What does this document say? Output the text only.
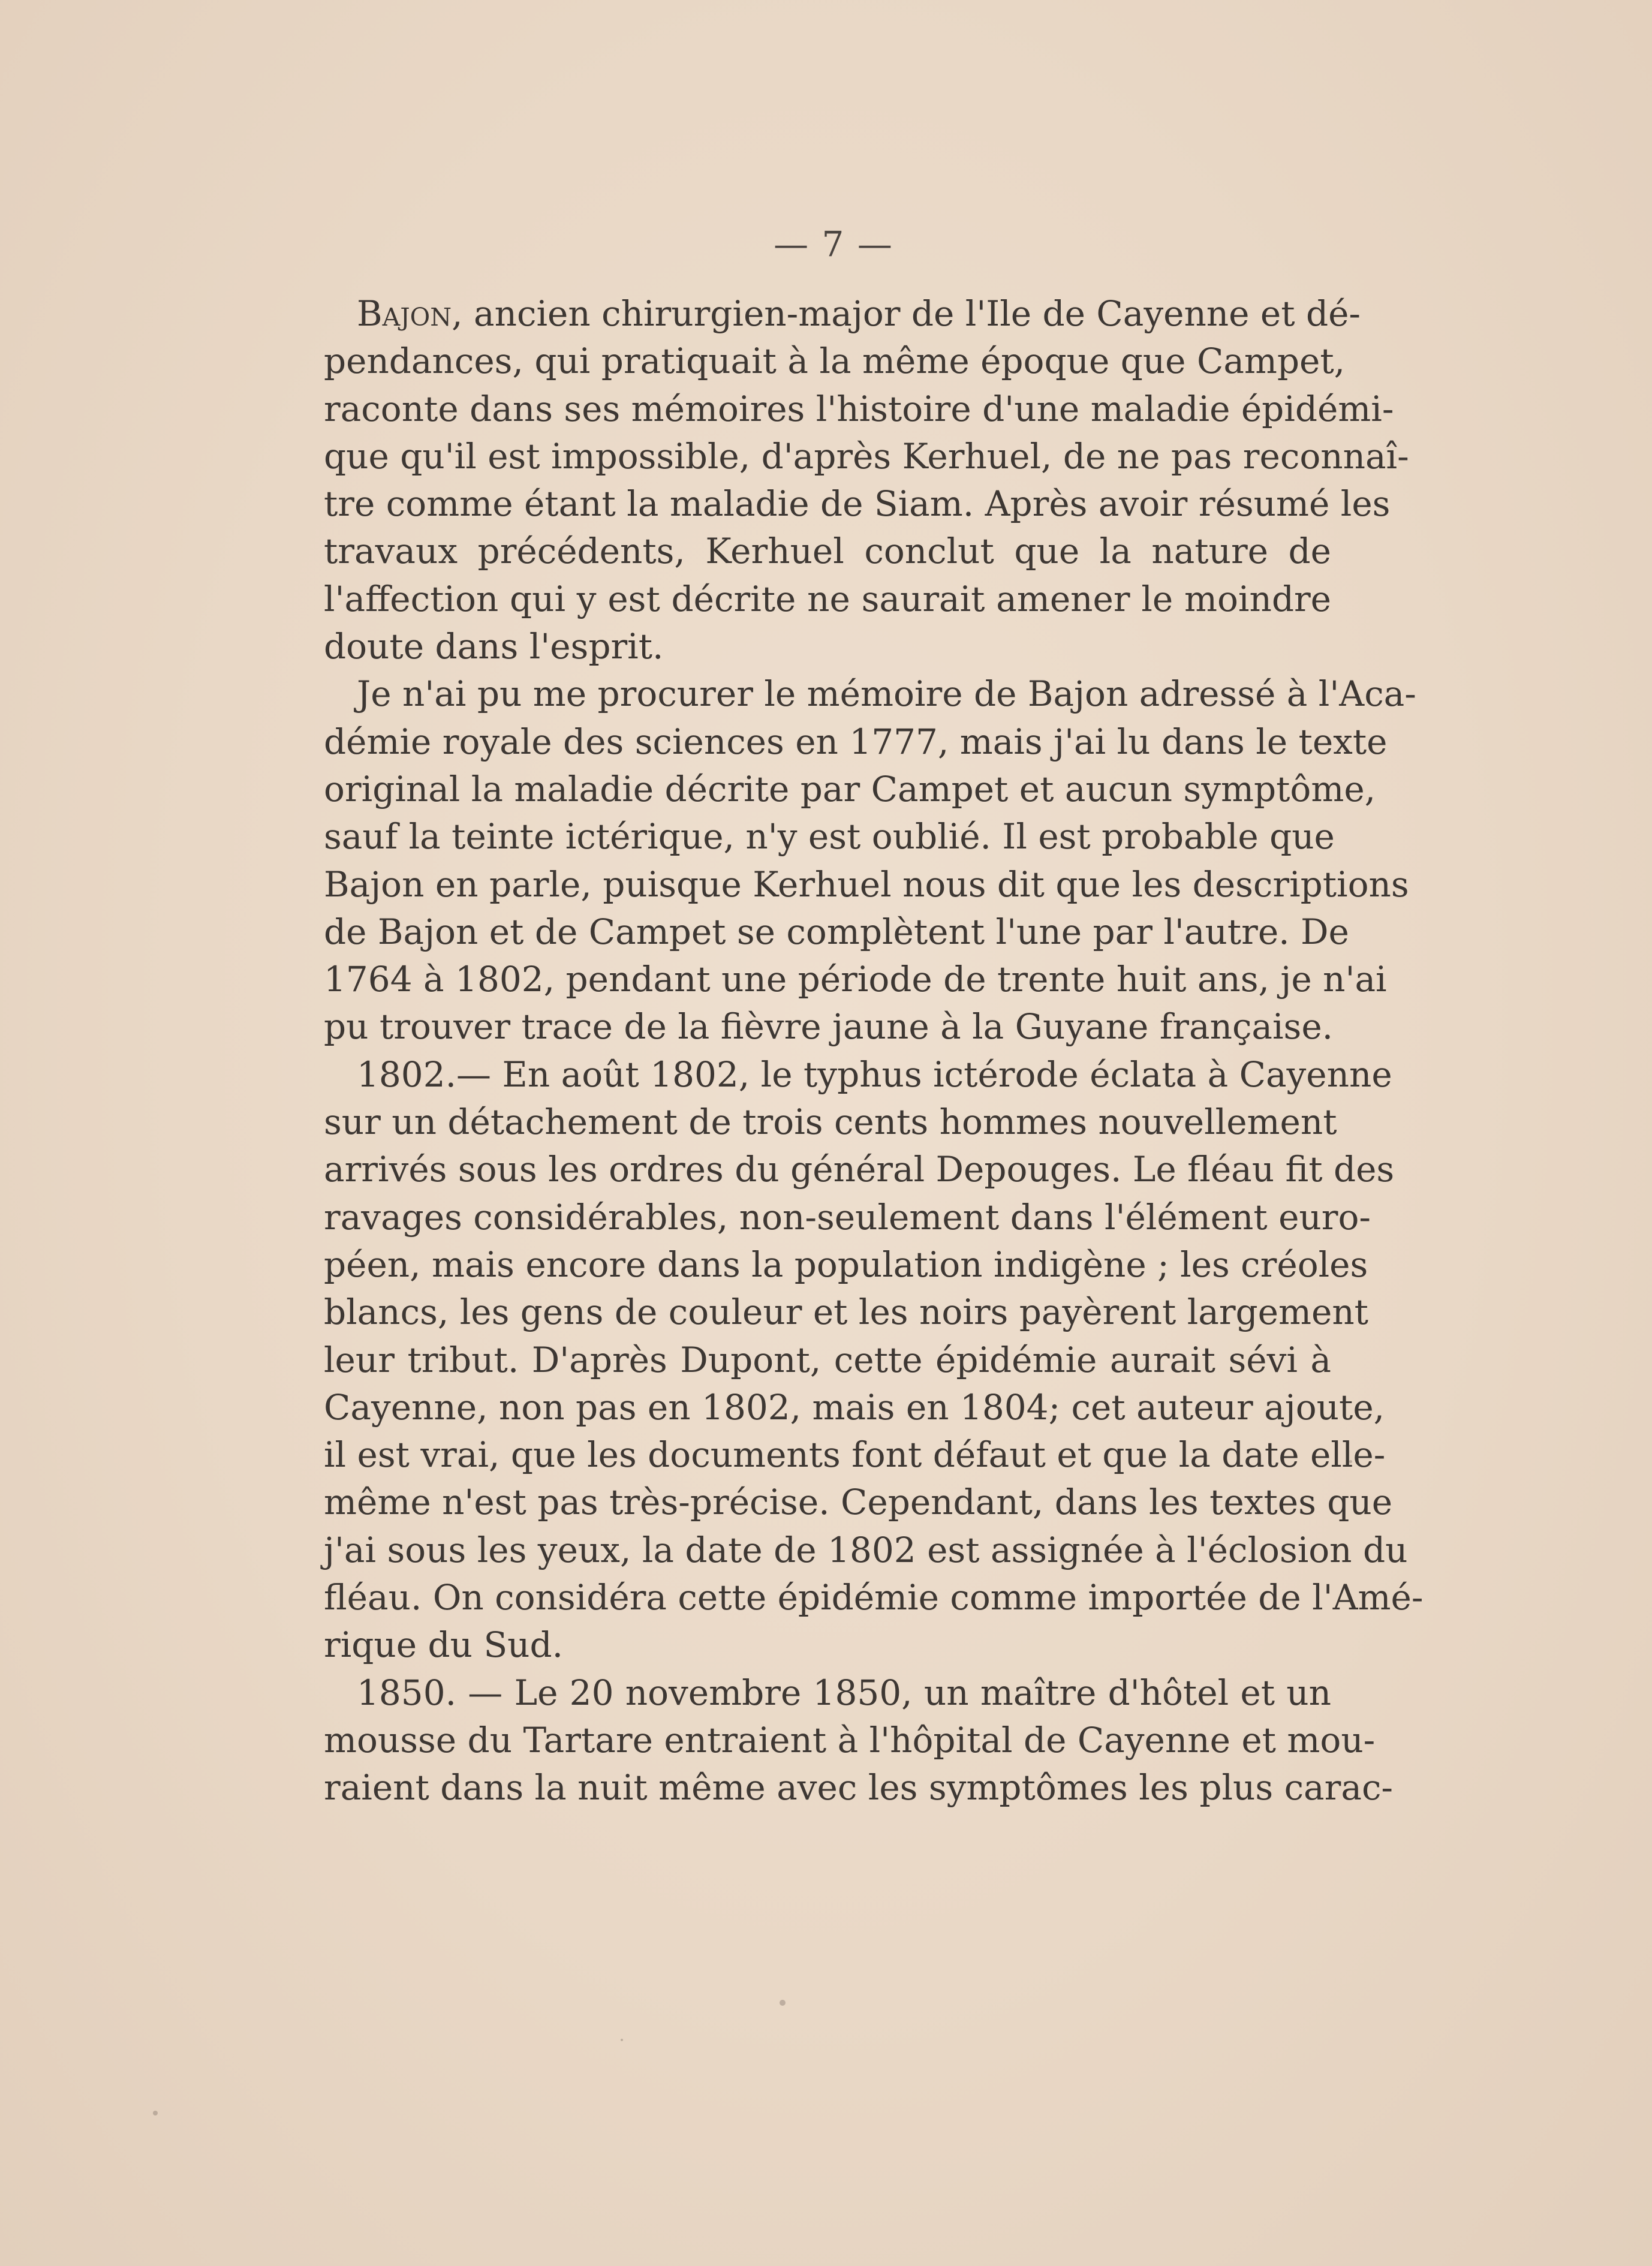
— 7 —
Bajon, ancien chirurgien-major de l'Ile de Cayenne et dé-
pendances, qui pratiquait à la même époque que Campet,
raconte dans ses mémoires l'histoire d'une maladie épidémi-
que qu'il est impossible, d'après Kerhuel, de ne pas reconnaî-
tre comme étant la maladie de Siam. Après avoir résumé les
travaux précédents, Kerhuel conclut que la nature de
l'affection qui y est décrite ne saurait amener le moindre
doute dans l'esprit.
Je n'ai pu me procurer le mémoire de Bajon adressé à l'Aca-
démie royale des sciences en 1777, mais j'ai lu dans le texte
original la maladie décrite par Campet et aucun symptôme,
sauf la teinte ictérique, n'y est oublié. Il est probable que
Bajon en parle, puisque Kerhuel nous dit que les descriptions
de Bajon et de Campet se complètent l'une par l'autre. De
1764 à 1802, pendant une période de trente huit ans, je n'ai
pu trouver trace de la fièvre jaune à la Guyane française.
1802.— En août 1802, le typhus ictérode éclata à Cayenne
sur un détachement de trois cents hommes nouvellement
arrivés sous les ordres du général Depouges. Le fléau fit des
ravages considérables, non-seulement dans l'élément euro-
péen, mais encore dans la population indigène ; les créoles
blancs, les gens de couleur et les noirs payèrent largement
leur tribut. D'après Dupont, cette épidémie aurait sévi à
Cayenne, non pas en 1802, mais en 1804; cet auteur ajoute,
il est vrai, que les documents font défaut et que la date elle-
même n'est pas très-précise. Cependant, dans les textes que
j'ai sous les yeux, la date de 1802 est assignée à l'éclosion du
fléau. On considéra cette épidémie comme importée de l'Amé-
rique du Sud.
1850. — Le 20 novembre 1850, un maître d'hôtel et un
mousse du Tartare entraient à l'hôpital de Cayenne et mou-
raient dans la nuit même avec les symptômes les plus carac-
